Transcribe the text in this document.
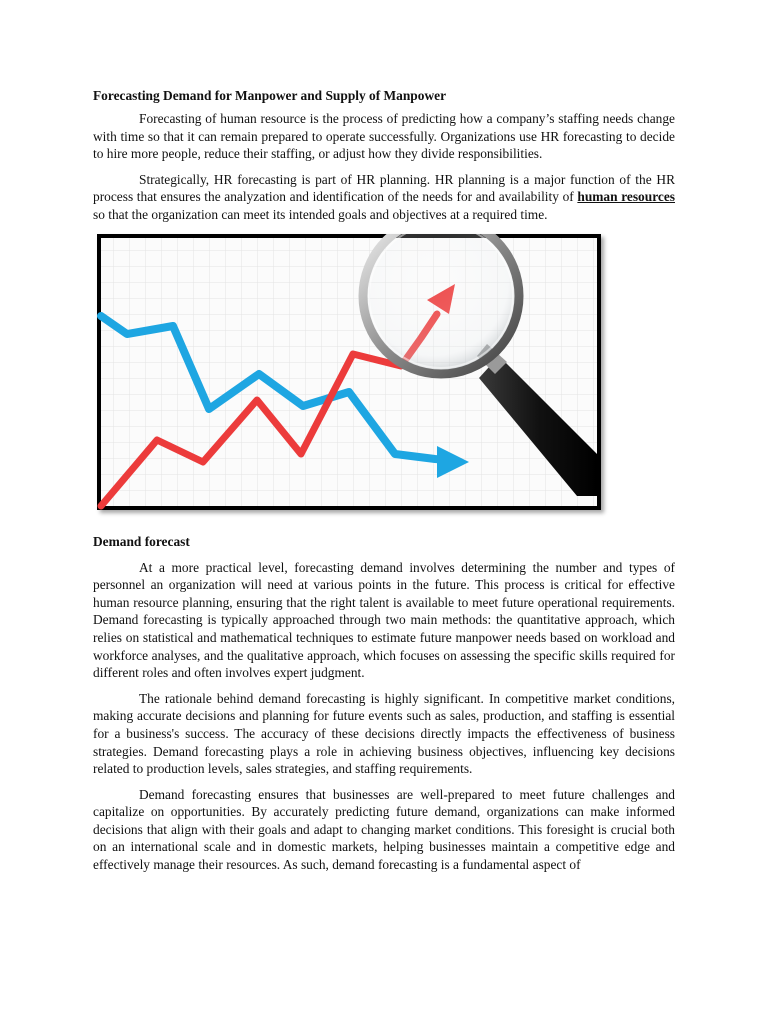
Forecasting Demand for Manpower and Supply of Manpower

Forecasting of human resource is the process of predicting how a company’s staffing needs change with time so that it can remain prepared to operate successfully. Organizations use HR forecasting to decide to hire more people, reduce their staffing, or adjust how they divide responsibilities.

Strategically, HR forecasting is part of HR planning. HR planning is a major function of the HR process that ensures the analyzation and identification of the needs for and availability of human resources so that the organization can meet its intended goals and objectives at a required time.

Demand forecast

At a more practical level, forecasting demand involves determining the number and types of personnel an organization will need at various points in the future. This process is critical for effective human resource planning, ensuring that the right talent is available to meet future operational requirements. Demand forecasting is typically approached through two main methods: the quantitative approach, which relies on statistical and mathematical techniques to estimate future manpower needs based on workload and workforce analyses, and the qualitative approach, which focuses on assessing the specific skills required for different roles and often involves expert judgment.

The rationale behind demand forecasting is highly significant. In competitive market conditions, making accurate decisions and planning for future events such as sales, production, and staffing is essential for a business's success. The accuracy of these decisions directly impacts the effectiveness of business strategies. Demand forecasting plays a role in achieving business objectives, influencing key decisions related to production levels, sales strategies, and staffing requirements.

Demand forecasting ensures that businesses are well-prepared to meet future challenges and capitalize on opportunities. By accurately predicting future demand, organizations can make informed decisions that align with their goals and adapt to changing market conditions. This foresight is crucial both on an international scale and in domestic markets, helping businesses maintain a competitive edge and effectively manage their resources. As such, demand forecasting is a fundamental aspect of
